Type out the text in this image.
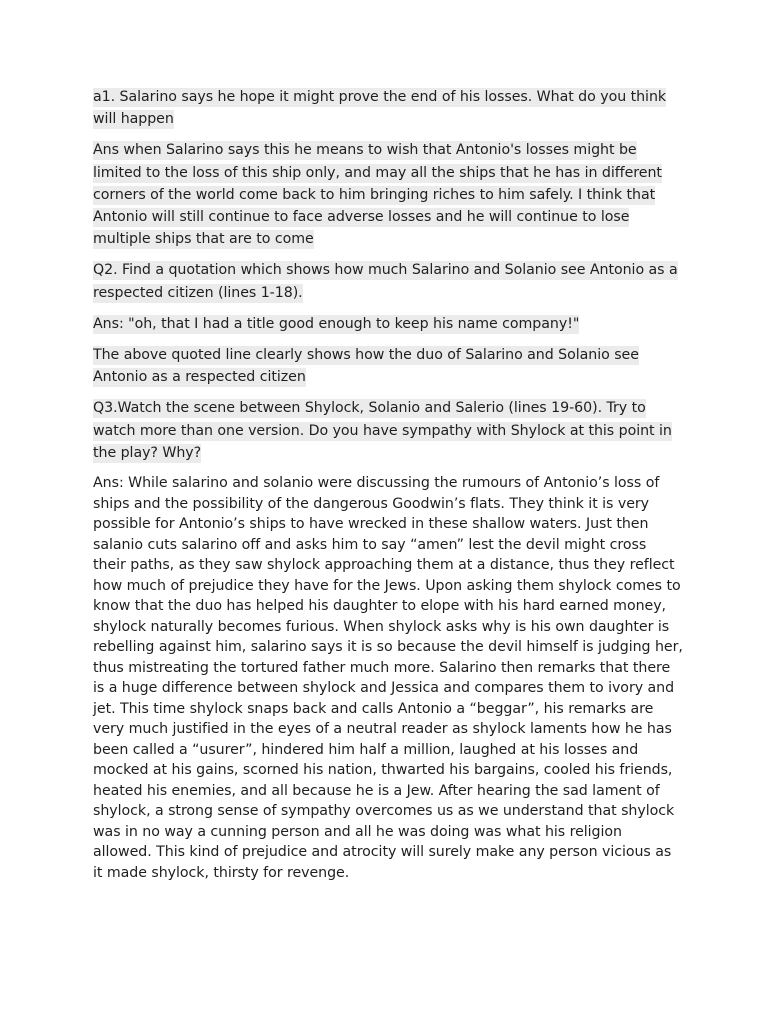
a1. Salarino says he hope it might prove the end of his losses. What do you think will happen

Ans when Salarino says this he means to wish that Antonio's losses might be limited to the loss of this ship only, and may all the ships that he has in different corners of the world come back to him bringing riches to him safely. I think that Antonio will still continue to face adverse losses and he will continue to lose multiple ships that are to come

Q2. Find a quotation which shows how much Salarino and Solanio see Antonio as a respected citizen (lines 1-18).

Ans: "oh, that I had a title good enough to keep his name company!"

The above quoted line clearly shows how the duo of Salarino and Solanio see Antonio as a respected citizen

Q3.Watch the scene between Shylock, Solanio and Salerio (lines 19-60). Try to watch more than one version. Do you have sympathy with Shylock at this point in the play? Why?

Ans: While salarino and solanio were discussing the rumours of Antonio’s loss of ships and the possibility of the dangerous Goodwin’s flats. They think it is very possible for Antonio’s ships to have wrecked in these shallow waters. Just then salanio cuts salarino off and asks him to say “amen” lest the devil might cross their paths, as they saw shylock approaching them at a distance, thus they reflect how much of prejudice they have for the Jews. Upon asking them shylock comes to know that the duo has helped his daughter to elope with his hard earned money, shylock naturally becomes furious. When shylock asks why is his own daughter is rebelling against him, salarino says it is so because the devil himself is judging her, thus mistreating the tortured father much more. Salarino then remarks that there is a huge difference between shylock and Jessica and compares them to ivory and jet. This time shylock snaps back and calls Antonio a “beggar”, his remarks are very much justified in the eyes of a neutral reader as shylock laments how he has been called a “usurer”, hindered him half a million, laughed at his losses and mocked at his gains, scorned his nation, thwarted his bargains, cooled his friends, heated his enemies, and all because he is a Jew. After hearing the sad lament of shylock, a strong sense of sympathy overcomes us as we understand that shylock was in no way a cunning person and all he was doing was what his religion allowed. This kind of prejudice and atrocity will surely make any person vicious as it made shylock, thirsty for revenge.
